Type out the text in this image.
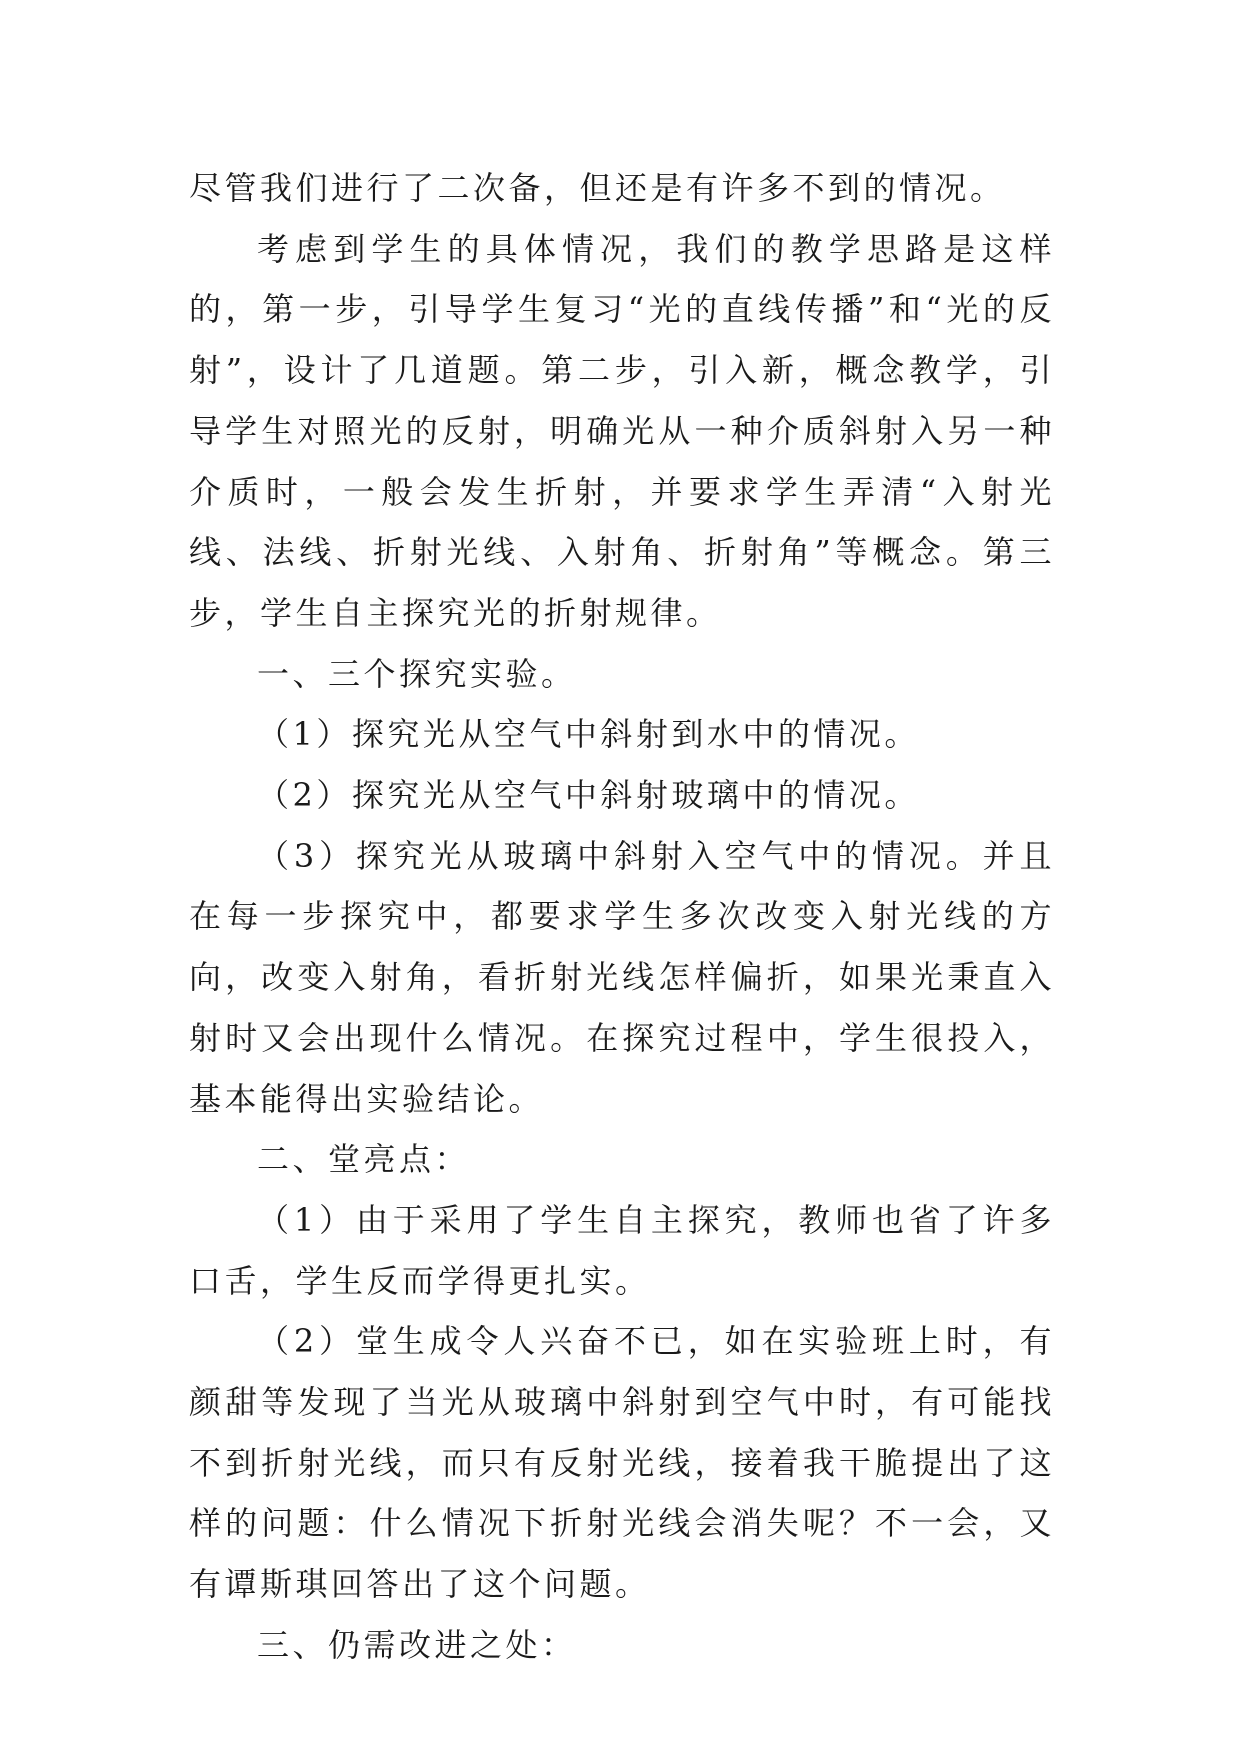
尽管我们进行了二次备，但还是有许多不到的情况。

考虑到学生的具体情况，我们的教学思路是这样的，第一步，引导学生复习“光的直线传播”和“光的反射”，设计了几道题。第二步，引入新，概念教学，引导学生对照光的反射，明确光从一种介质斜射入另一种介质时，一般会发生折射，并要求学生弄清“入射光线、法线、折射光线、入射角、折射角”等概念。第三步，学生自主探究光的折射规律。

一、三个探究实验。

（1）探究光从空气中斜射到水中的情况。

（2）探究光从空气中斜射玻璃中的情况。

（3）探究光从玻璃中斜射入空气中的情况。并且在每一步探究中，都要求学生多次改变入射光线的方向，改变入射角，看折射光线怎样偏折，如果光秉直入射时又会出现什么情况。在探究过程中，学生很投入，基本能得出实验结论。

二、堂亮点：

（1）由于采用了学生自主探究，教师也省了许多口舌，学生反而学得更扎实。

（2）堂生成令人兴奋不已，如在实验班上时，有颜甜等发现了当光从玻璃中斜射到空气中时，有可能找不到折射光线，而只有反射光线，接着我干脆提出了这样的问题：什么情况下折射光线会消失呢？不一会，又有谭斯琪回答出了这个问题。

三、仍需改进之处：
